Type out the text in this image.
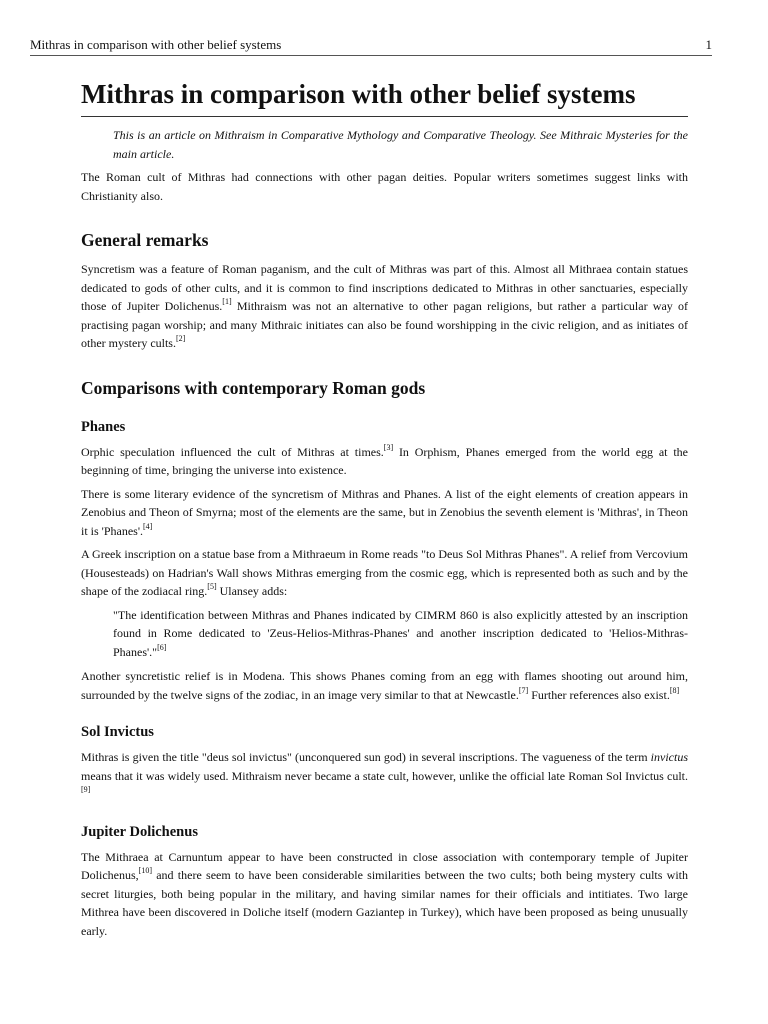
Mithras in comparison with other belief systems	1
Mithras in comparison with other belief systems
This is an article on Mithraism in Comparative Mythology and Comparative Theology. See Mithraic Mysteries for the main article.

The Roman cult of Mithras had connections with other pagan deities. Popular writers sometimes suggest links with Christianity also.

General remarks

Syncretism was a feature of Roman paganism, and the cult of Mithras was part of this. Almost all Mithraea contain statues dedicated to gods of other cults, and it is common to find inscriptions dedicated to Mithras in other sanctuaries, especially those of Jupiter Dolichenus.[1] Mithraism was not an alternative to other pagan religions, but rather a particular way of practising pagan worship; and many Mithraic initiates can also be found worshipping in the civic religion, and as initiates of other mystery cults.[2]

Comparisons with contemporary Roman gods
Phanes

Orphic speculation influenced the cult of Mithras at times.[3] In Orphism, Phanes emerged from the world egg at the beginning of time, bringing the universe into existence.

There is some literary evidence of the syncretism of Mithras and Phanes. A list of the eight elements of creation appears in Zenobius and Theon of Smyrna; most of the elements are the same, but in Zenobius the seventh element is 'Mithras', in Theon it is 'Phanes'.[4]

A Greek inscription on a statue base from a Mithraeum in Rome reads "to Deus Sol Mithras Phanes". A relief from Vercovium (Housesteads) on Hadrian's Wall shows Mithras emerging from the cosmic egg, which is represented both as such and by the shape of the zodiacal ring.[5] Ulansey adds:

"The identification between Mithras and Phanes indicated by CIMRM 860 is also explicitly attested by an inscription found in Rome dedicated to 'Zeus-Helios-Mithras-Phanes' and another inscription dedicated to 'Helios-Mithras-Phanes'."[6]

Another syncretistic relief is in Modena. This shows Phanes coming from an egg with flames shooting out around him, surrounded by the twelve signs of the zodiac, in an image very similar to that at Newcastle.[7] Further references also exist.[8]

Sol Invictus

Mithras is given the title "deus sol invictus" (unconquered sun god) in several inscriptions. The vagueness of the term invictus means that it was widely used. Mithraism never became a state cult, however, unlike the official late Roman Sol Invictus cult.[9]

Jupiter Dolichenus

The Mithraea at Carnuntum appear to have been constructed in close association with contemporary temple of Jupiter Dolichenus,[10] and there seem to have been considerable similarities between the two cults; both being mystery cults with secret liturgies, both being popular in the military, and having similar names for their officials and intitiates. Two large Mithrea have been discovered in Doliche itself (modern Gaziantep in Turkey), which have been proposed as being unusually early.
